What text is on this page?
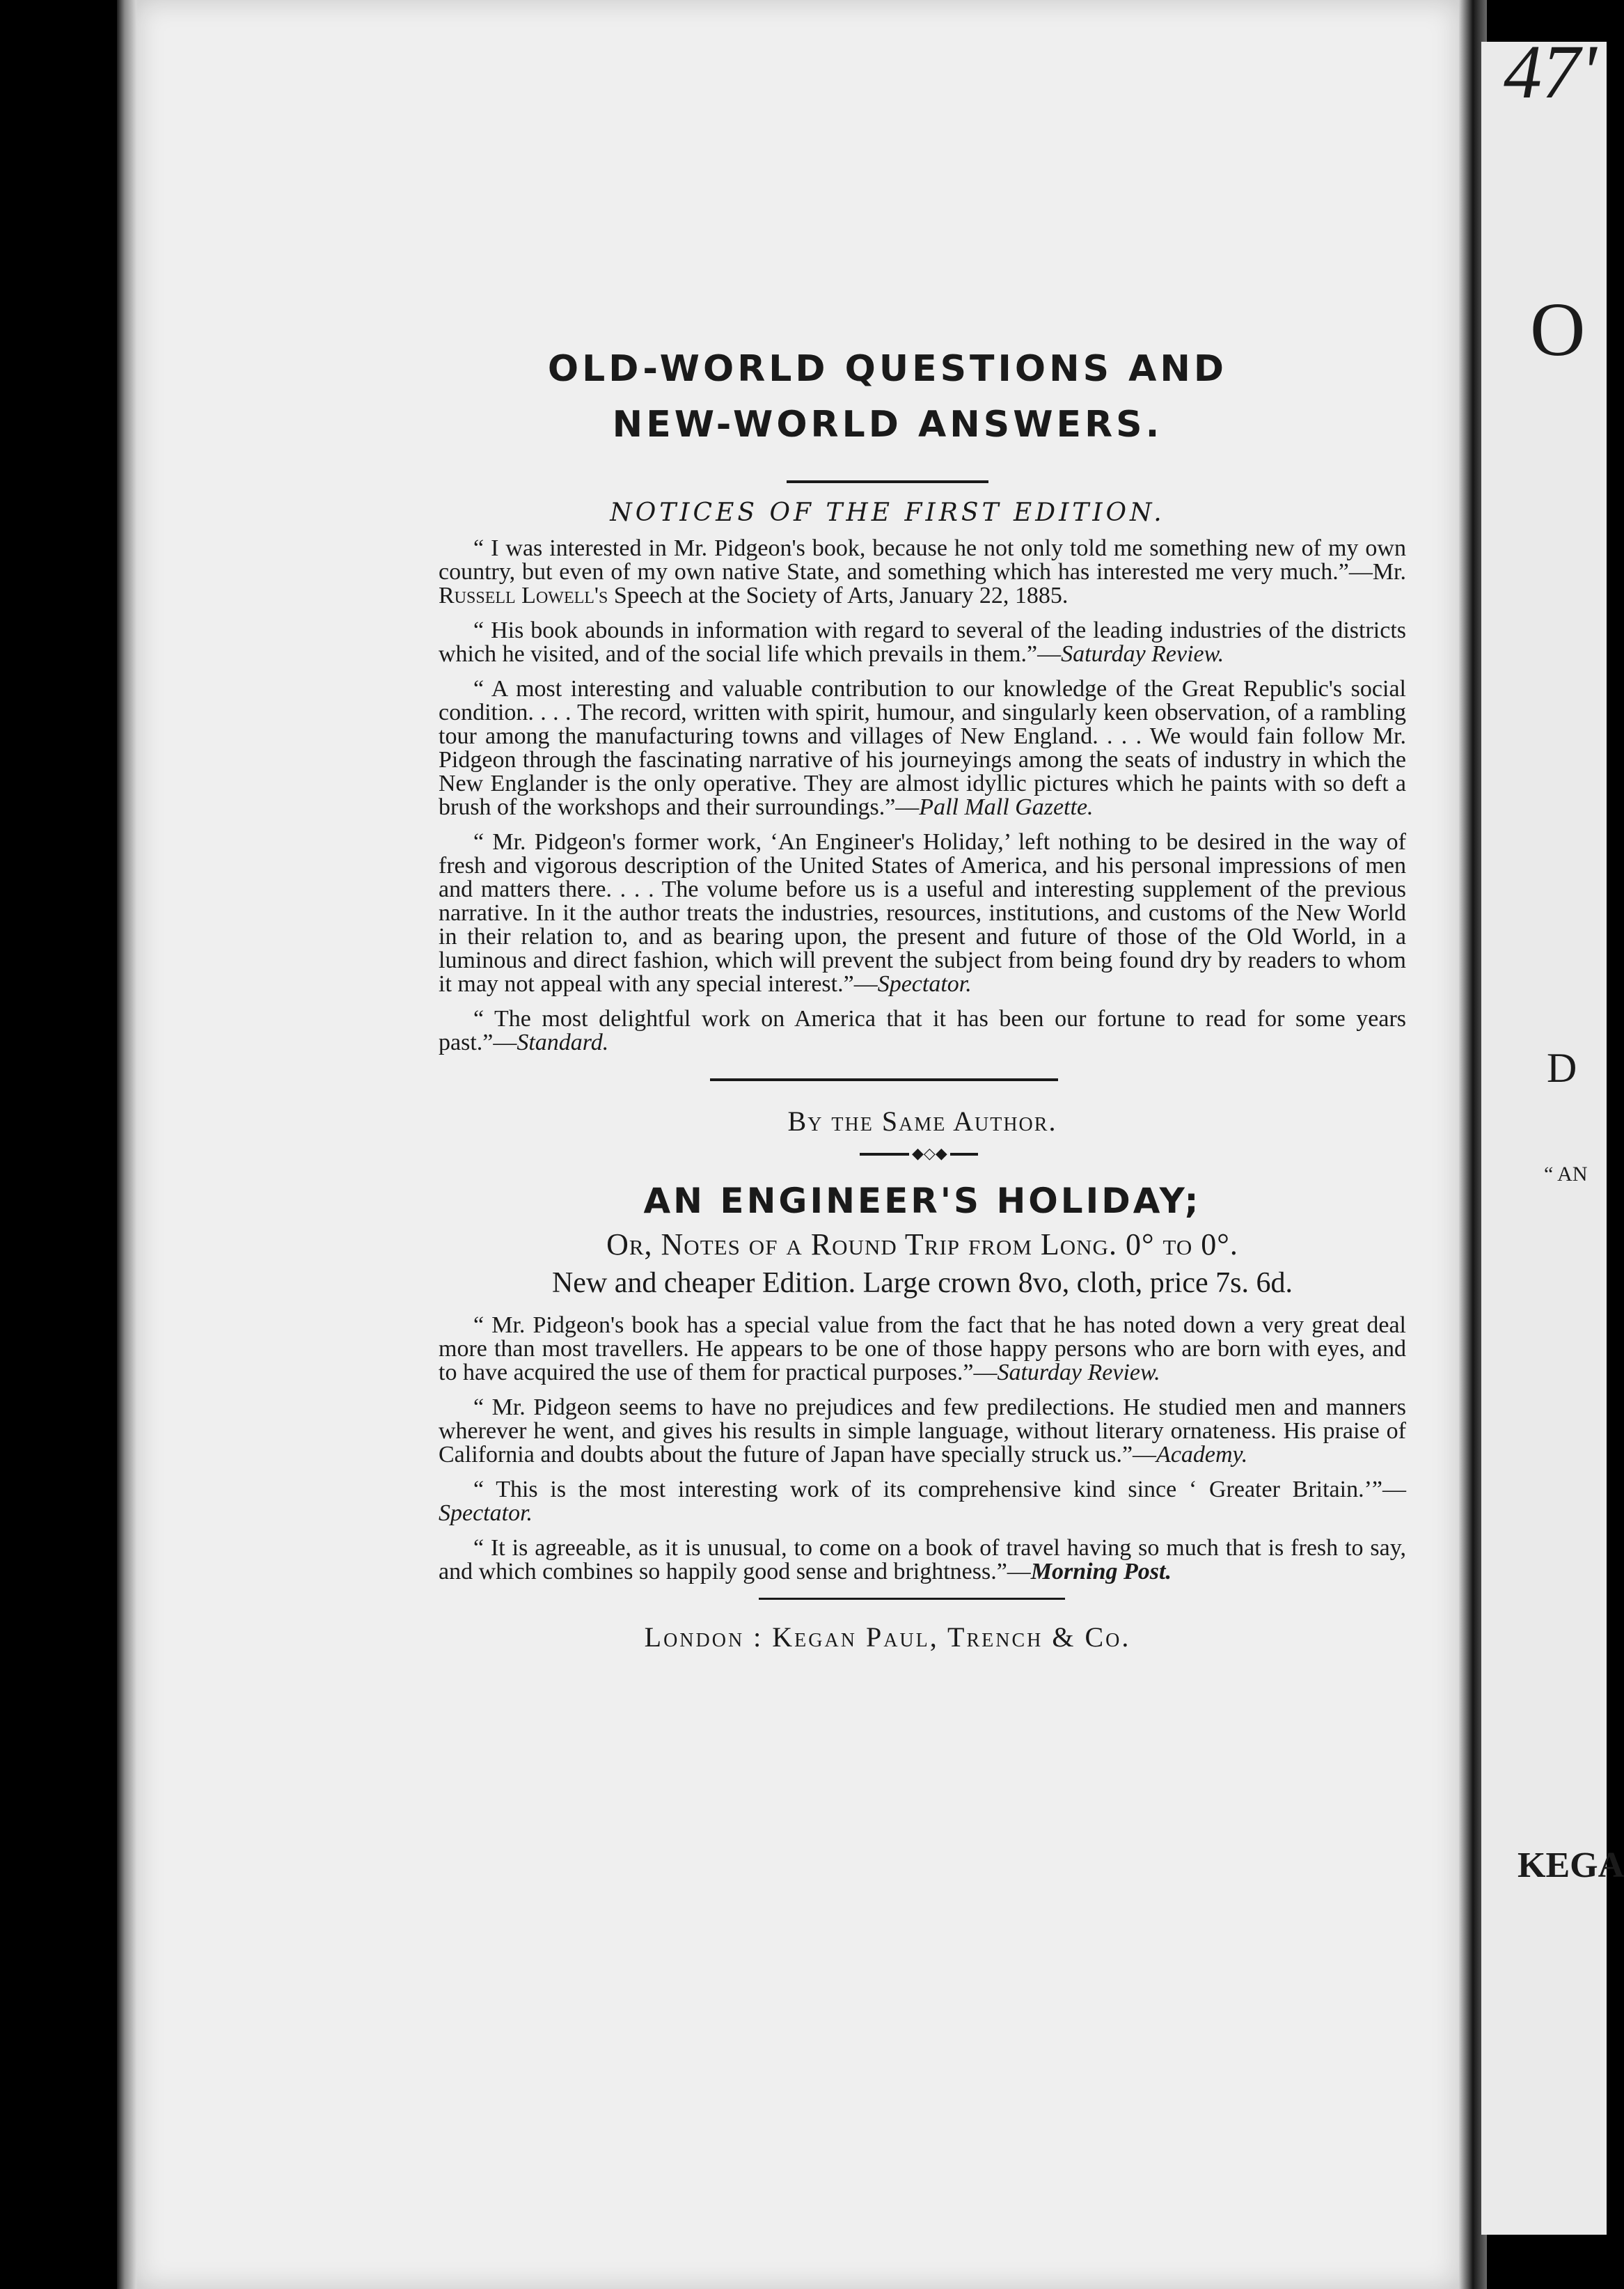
47'
O
D
“ AN
KEGA
OLD-WORLD QUESTIONS AND
NEW-WORLD ANSWERS.
NOTICES OF THE FIRST EDITION.

“ I was interested in Mr. Pidgeon's book, because he not only told me something new of my own country, but even of my own native State, and something which has interested me very much.”—Mr. Russell Lowell's Speech at the Society of Arts, January 22, 1885.

“ His book abounds in information with regard to several of the leading industries of the districts which he visited, and of the social life which prevails in them.”—Saturday Review.

“ A most interesting and valuable contribution to our knowledge of the Great Republic's social condition. . . . The record, written with spirit, humour, and singularly keen observation, of a rambling tour among the manufacturing towns and villages of New England. . . . We would fain follow Mr. Pidgeon through the fascinating narrative of his journeyings among the seats of industry in which the New Englander is the only operative. They are almost idyllic pictures which he paints with so deft a brush of the workshops and their surroundings.”—Pall Mall Gazette.

“ Mr. Pidgeon's former work, ‘An Engineer's Holiday,’ left nothing to be desired in the way of fresh and vigorous description of the United States of America, and his personal impressions of men and matters there. . . . The volume before us is a useful and interesting supplement of the previous narrative. In it the author treats the industries, resources, institutions, and customs of the New World in their relation to, and as bearing upon, the present and future of those of the Old World, in a luminous and direct fashion, which will prevent the subject from being found dry by readers to whom it may not appeal with any special interest.”—Spectator.

“ The most delightful work on America that it has been our fortune to read for some years past.”—Standard.

By the Same Author.
◆◇◆
AN ENGINEER'S HOLIDAY;
Or, Notes of a Round Trip from Long. 0° to 0°.
New and cheaper Edition. Large crown 8vo, cloth, price 7s. 6d.

“ Mr. Pidgeon's book has a special value from the fact that he has noted down a very great deal more than most travellers. He appears to be one of those happy persons who are born with eyes, and to have acquired the use of them for practical purposes.”—Saturday Review.

“ Mr. Pidgeon seems to have no prejudices and few predilections. He studied men and manners wherever he went, and gives his results in simple language, without literary ornateness. His praise of California and doubts about the future of Japan have specially struck us.”—Academy.

“ This is the most interesting work of its comprehensive kind since ‘ Greater Britain.’”—Spectator.

“ It is agreeable, as it is unusual, to come on a book of travel having so much that is fresh to say, and which combines so happily good sense and brightness.”—Morning Post.

London : Kegan Paul, Trench & Co.
